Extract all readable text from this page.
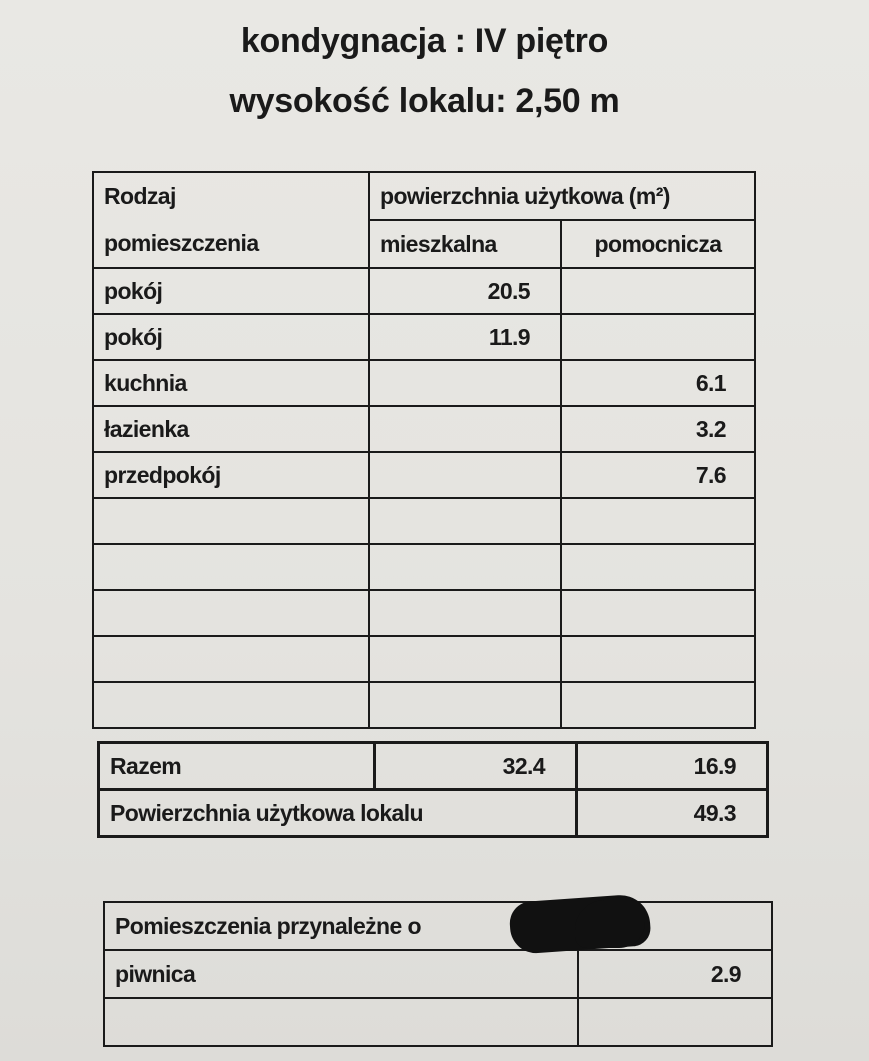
kondygnacja : IV piętro
wysokość lokalu: 2,50 m
Rodzaj	powierzchnia użytkowa (m²)	
pomieszczenia	mieszkalna	pomocnicza
pokój	20.5	
pokój	11.9	
kuchnia		6.1
łazienka		3.2
przedpokój		7.6

Razem	32.4	16.9
Powierzchnia użytkowa lokalu		49.3
Pomieszczenia przynależne o	
piwnica	2.9
